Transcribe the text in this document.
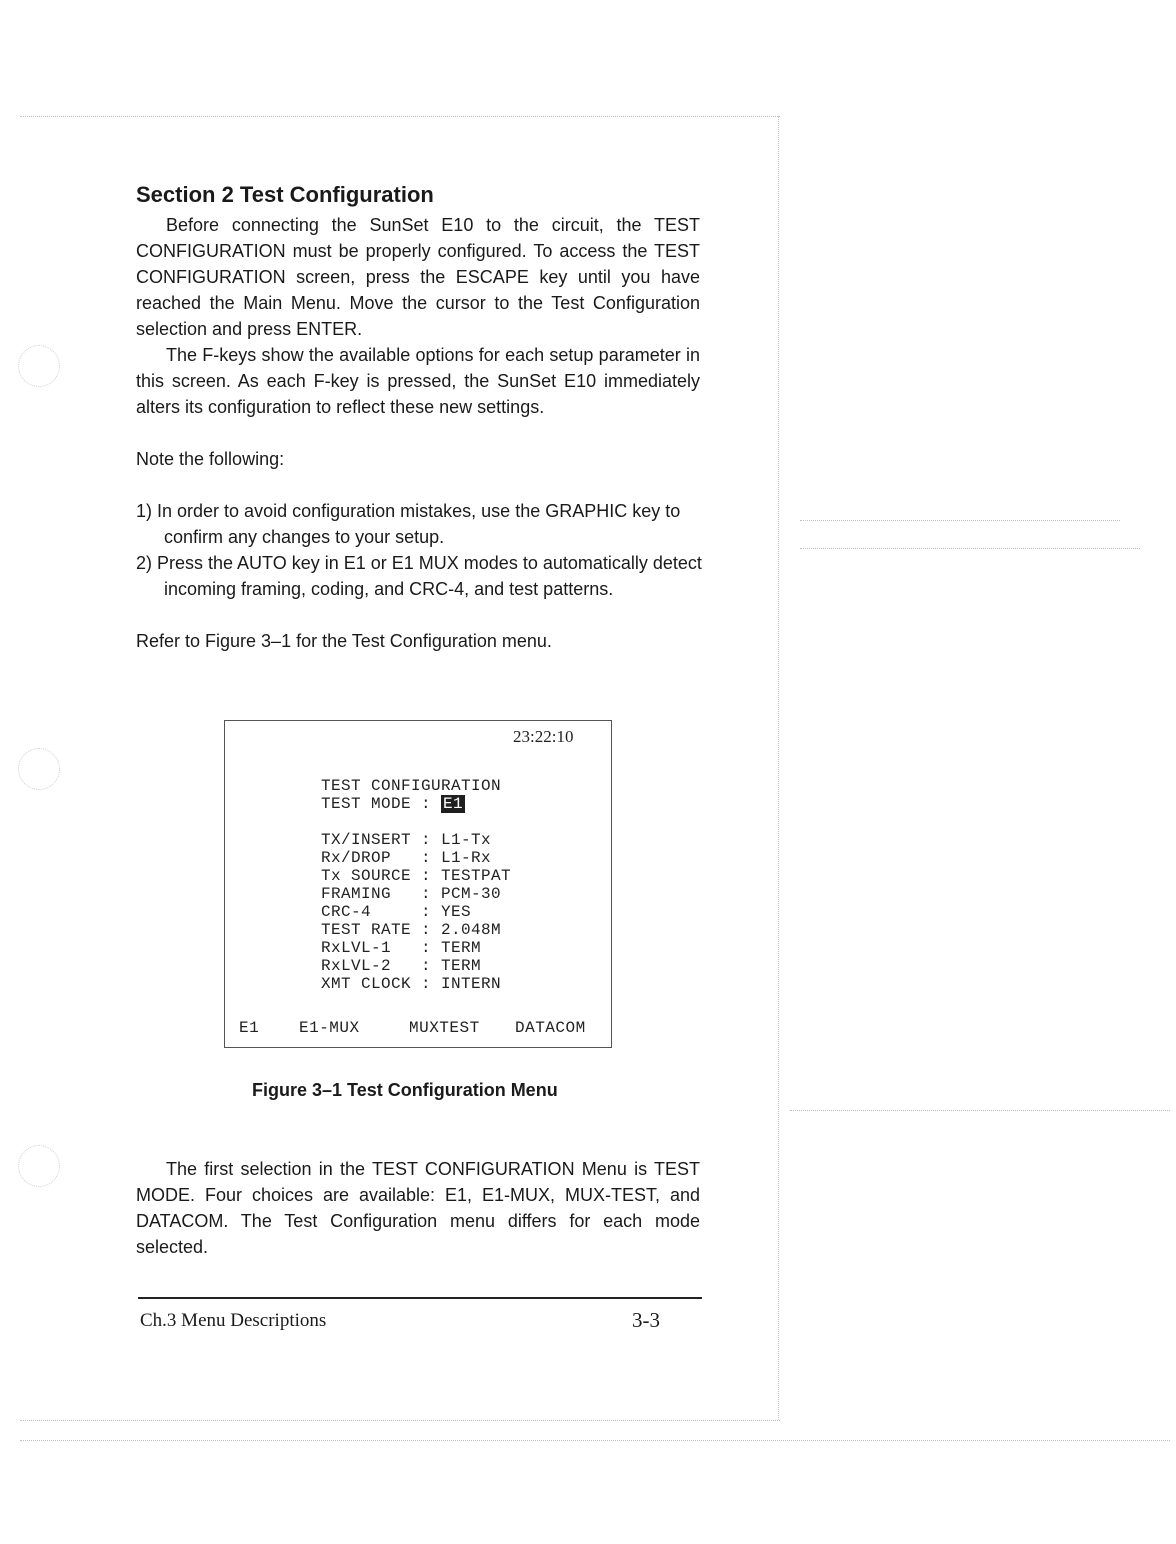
Section 2 Test Configuration

Before connecting the SunSet E10 to the circuit, the TEST CONFIGURATION must be properly configured. To access the TEST CONFIGURATION screen, press the ESCAPE key until you have reached the Main Menu. Move the cursor to the Test Configuration selection and press ENTER.

The F-keys show the available options for each setup parameter in this screen. As each F-key is pressed, the SunSet E10 immediately alters its configuration to reflect these new settings.

Note the following:

1) In order to avoid configuration mistakes, use the GRAPHIC key to confirm any changes to your setup.

2) Press the AUTO key in E1 or E1 MUX modes to automatically detect incoming framing, coding, and CRC-4, and test patterns.

Refer to Figure 3–1 for the Test Configuration menu.

23:22:10
TEST CONFIGURATION
TEST MODE : E1
TX/INSERT : L1-Tx
Rx/DROP   : L1-Rx
Tx SOURCE : TESTPAT
FRAMING   : PCM-30
CRC-4     : YES
TEST RATE : 2.048M
RxLVL-1   : TERM
RxLVL-2   : TERM
XMT CLOCK : INTERN
E1 E1-MUX	MUXTEST DATACOM

Figure 3–1 Test Configuration Menu

The first selection in the TEST CONFIGURATION Menu is TEST MODE. Four choices are available: E1, E1-MUX, MUX-TEST, and DATACOM. The Test Configuration menu differs for each mode selected.

Ch.3 Menu Descriptions	3-3
